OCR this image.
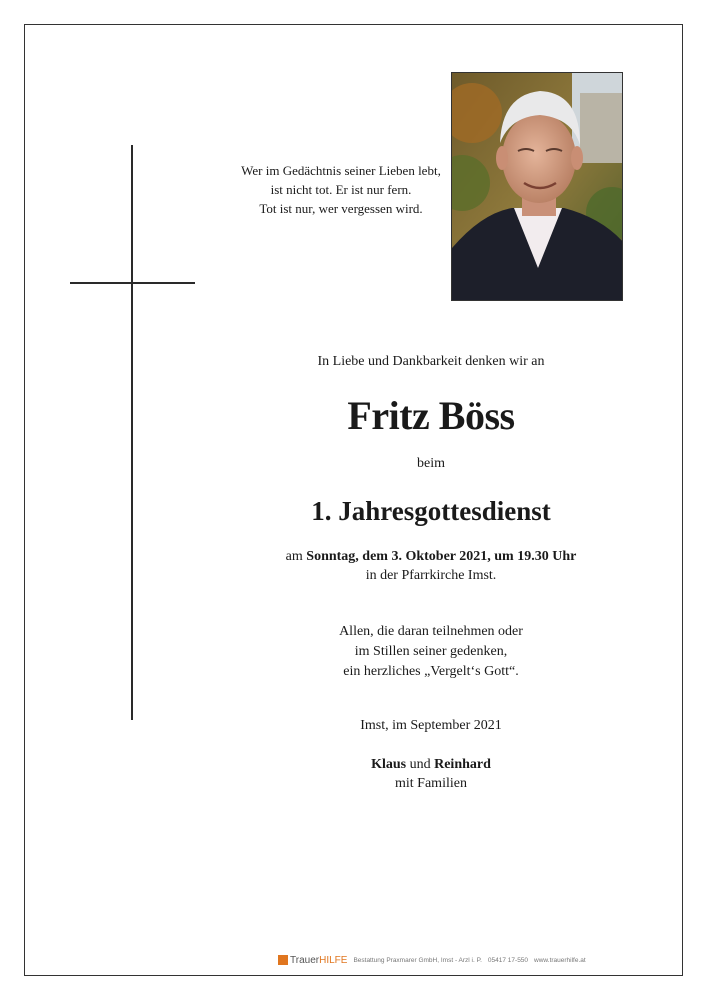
Wer im Gedächtnis seiner Lieben lebt,
ist nicht tot. Er ist nur fern.
Tot ist nur, wer vergessen wird.
In Liebe und Dankbarkeit denken wir an
Fritz Böss
beim
1. Jahresgottesdienst
am Sonntag, dem 3. Oktober 2021, um 19.30 Uhr
in der Pfarrkirche Imst.
Allen, die daran teilnehmen oder
im Stillen seiner gedenken,
ein herzliches „Vergelt‘s Gott“.
Imst, im September 2021
Klaus und Reinhard
mit Familien
Trauer HILFE Bestattung Praxmarer GmbH, Imst - Arzl i. P. 05417 17-550 www.trauerhilfe.at
